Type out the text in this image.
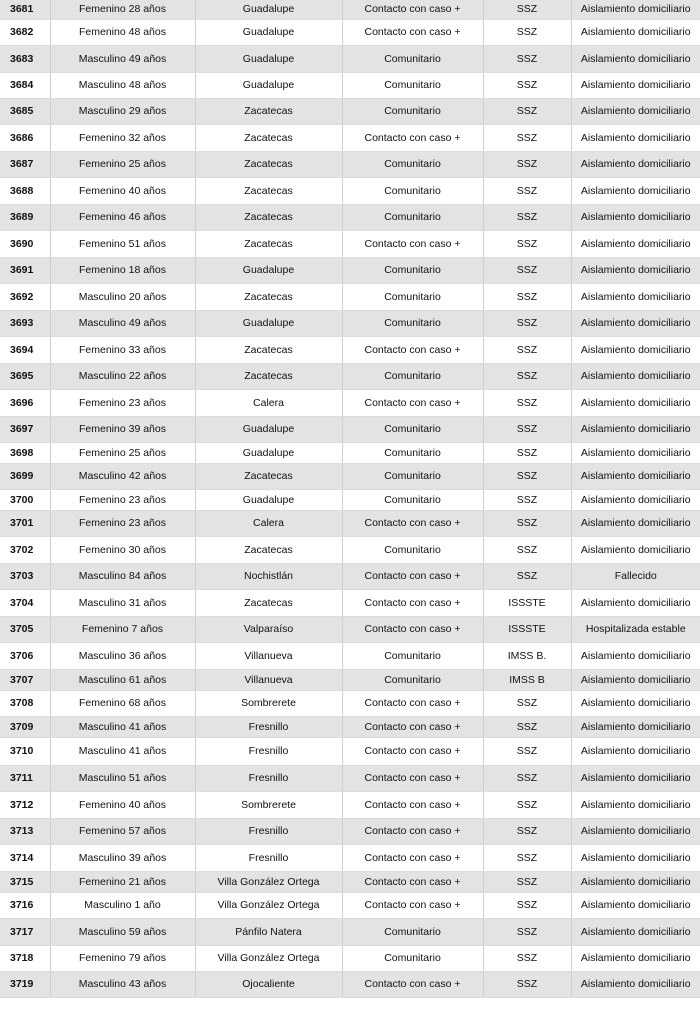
3681	Femenino 28 años	Guadalupe	Contacto con caso +	SSZ	Aislamiento domiciliario
3682	Femenino 48 años	Guadalupe	Contacto con caso +	SSZ	Aislamiento domiciliario
3683	Masculino 49 años	Guadalupe	Comunitario	SSZ	Aislamiento domiciliario
3684	Masculino 48 años	Guadalupe	Comunitario	SSZ	Aislamiento domiciliario
3685	Masculino 29 años	Zacatecas	Comunitario	SSZ	Aislamiento domiciliario
3686	Femenino 32 años	Zacatecas	Contacto con caso +	SSZ	Aislamiento domiciliario
3687	Femenino 25 años	Zacatecas	Comunitario	SSZ	Aislamiento domiciliario
3688	Femenino 40 años	Zacatecas	Comunitario	SSZ	Aislamiento domiciliario
3689	Femenino 46 años	Zacatecas	Comunitario	SSZ	Aislamiento domiciliario
3690	Femenino 51 años	Zacatecas	Contacto con caso +	SSZ	Aislamiento domiciliario
3691	Femenino 18 años	Guadalupe	Comunitario	SSZ	Aislamiento domiciliario
3692	Masculino 20 años	Zacatecas	Comunitario	SSZ	Aislamiento domiciliario
3693	Masculino 49 años	Guadalupe	Comunitario	SSZ	Aislamiento domiciliario
3694	Femenino 33 años	Zacatecas	Contacto con caso +	SSZ	Aislamiento domiciliario
3695	Masculino 22 años	Zacatecas	Comunitario	SSZ	Aislamiento domiciliario
3696	Femenino 23 años	Calera	Contacto con caso +	SSZ	Aislamiento domiciliario
3697	Femenino 39 años	Guadalupe	Comunitario	SSZ	Aislamiento domiciliario
3698	Femenino 25 años	Guadalupe	Comunitario	SSZ	Aislamiento domiciliario
3699	Masculino 42 años	Zacatecas	Comunitario	SSZ	Aislamiento domiciliario
3700	Femenino 23 años	Guadalupe	Comunitario	SSZ	Aislamiento domiciliario
3701	Femenino 23 años	Calera	Contacto con caso +	SSZ	Aislamiento domiciliario
3702	Femenino 30 años	Zacatecas	Comunitario	SSZ	Aislamiento domiciliario
3703	Masculino 84 años	Nochistlán	Contacto con caso +	SSZ	Fallecido
3704	Masculino 31 años	Zacatecas	Contacto con caso +	ISSSTE	Aislamiento domiciliario
3705	Femenino 7 años	Valparaíso	Contacto con caso +	ISSSTE	Hospitalizada estable
3706	Masculino 36 años	Villanueva	Comunitario	IMSS B.	Aislamiento domiciliario
3707	Masculino 61 años	Villanueva	Comunitario	IMSS B	Aislamiento domiciliario
3708	Femenino 68 años	Sombrerete	Contacto con caso +	SSZ	Aislamiento domiciliario
3709	Masculino 41 años	Fresnillo	Contacto con caso +	SSZ	Aislamiento domiciliario
3710	Masculino 41 años	Fresnillo	Contacto con caso +	SSZ	Aislamiento domiciliario
3711	Masculino 51 años	Fresnillo	Contacto con caso +	SSZ	Aislamiento domiciliario
3712	Femenino 40 años	Sombrerete	Contacto con caso +	SSZ	Aislamiento domiciliario
3713	Femenino 57 años	Fresnillo	Contacto con caso +	SSZ	Aislamiento domiciliario
3714	Masculino 39 años	Fresnillo	Contacto con caso +	SSZ	Aislamiento domiciliario
3715	Femenino 21 años	Villa González Ortega	Contacto con caso +	SSZ	Aislamiento domiciliario
3716	Masculino 1 año	Villa González Ortega	Contacto con caso +	SSZ	Aislamiento domiciliario
3717	Masculino 59 años	Pánfilo Natera	Comunitario	SSZ	Aislamiento domiciliario
3718	Femenino 79 años	Villa González Ortega	Comunitario	SSZ	Aislamiento domiciliario
3719	Masculino 43 años	Ojocaliente	Contacto con caso +	SSZ	Aislamiento domiciliario
